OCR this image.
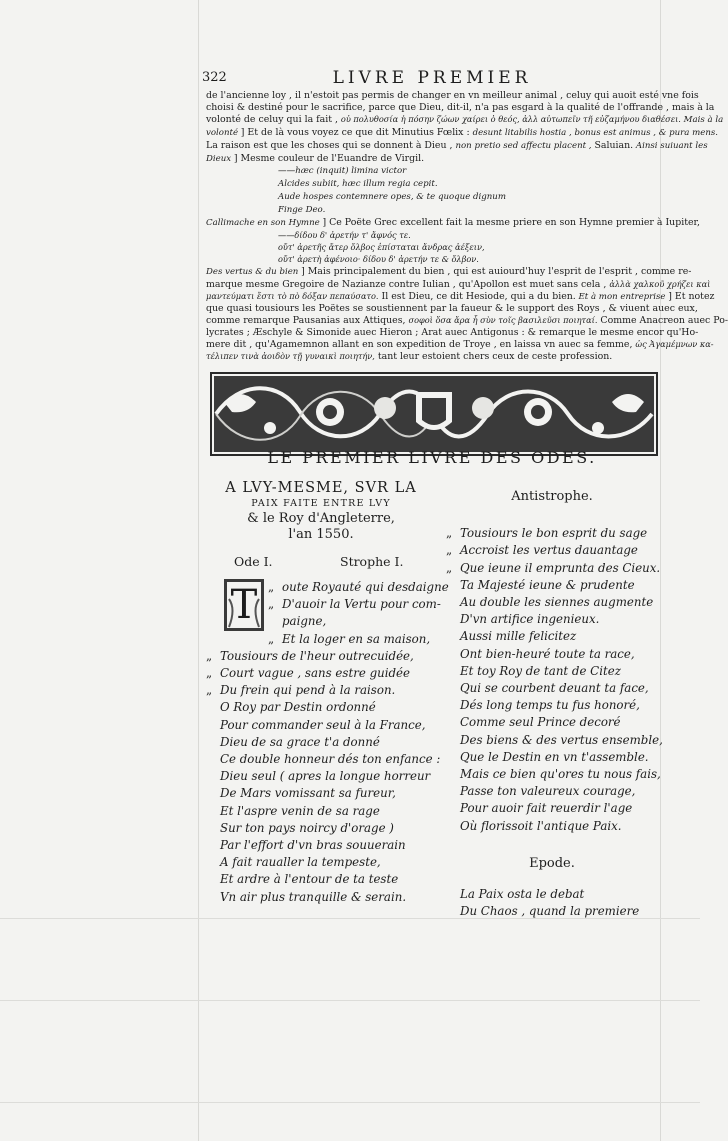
322	LIVRE PREMIER

de l'ancienne loy , il n'estoit pas permis de changer en vn meilleur animal , celuy qui auoit esté vne fois

choisi & destiné pour le sacrifice, parce que Dieu, dit-il, n'a pas esgard à la qualité de l'offrande , mais à la

volonté de celuy qui la fait , οὐ πολυθοσία ἡ πόσην ζώων χαίρει ὁ θεός, ἀλλ αὐτωπεῖν τῆ εὐζαμήνου διαθέσει. Mais à la

volonté ] Et de là vous voyez ce que dit Minutius Fœlix : desunt litabilis hostia , bonus est animus , & pura mens.

La raison est que les choses qui se donnent à Dieu , non pretio sed affectu placent , Saluian. Ainsi suiuant les

Dieux ] Mesme couleur de l'Euandre de Virgil.

——hæc (inquit) limina victor

Alcides subiit, hæc illum regia cepit.

Aude hospes contemnere opes, & te quoque dignum

Finge Deo.

Callimache en son Hymne ] Ce Poëte Grec excellent fait la mesme priere en son Hymne premier à Iupiter,

——δίδου δ' ἀρετήν τ' ἄφνός τε.

οὔτ' ἀρετῆς ἄτερ ὄλβος ἐπίσταται ἄνδρας ἀέξειν,

οὔτ' ἀρετὴ ἀφένοιο· δίδου δ' ἀρετήν τε & ὄλβον.

Des vertus & du bien ] Mais principalement du bien , qui est auiourd'huy l'esprit de l'esprit , comme re-

marque mesme Gregoire de Nazianze contre Iulian , qu'Apollon est muet sans cela , ἀλλὰ χαλκοῦ χρήζει καὶ

μαντεύματι ἔστι τὸ πὸ δόξαν πεπαύσατο. Il est Dieu, ce dit Hesiode, qui a du bien. Et à mon entreprise ] Et notez

que quasi tousiours les Poëtes se soustiennent par la faueur & le support des Roys , & viuent auec eux,

comme remarque Pausanias aux Attiques, σοφοὶ ὅσα ἄρα ἦ σὺν τοῖς βασιλεῦσι ποιηταί. Comme Anacreon auec Po-

lycrates ; Æschyle & Simonide auec Hieron ; Arat auec Antigonus : & remarque le mesme encor qu'Ho-

mere dit , qu'Agamemnon allant en son expedition de Troye , en laissa vn auec sa femme, ὡς Ἀγαμέμνων κα-

τέλιπεν τινὰ ἀοιδὸν τῇ γυναικὶ ποιητήν, tant leur estoient chers ceux de ceste profession.

LE PREMIER LIVRE DES ODES.
A LVY-MESME, SVR LA
PAIX FAITE ENTRE LVY
& le Roy d'Angleterre,
l'an 1550.
Ode I.	Strophe I.
T „ oute Royauté qui desdaigne
„ D'auoir la Vertu pour com-
paigne,
„ Et la loger en sa maison,
„ Tousiours de l'heur outrecuidée,
„ Court vague , sans estre guidée
„ Du frein qui pend à la raison.
O Roy par Destin ordonné
Pour commander seul à la France,
Dieu de sa grace t'a donné
Ce double honneur dés ton enfance :
Dieu seul ( apres la longue horreur
De Mars vomissant sa fureur,
Et l'aspre venin de sa rage
Sur ton pays noircy d'orage )
Par l'effort d'vn bras souuerain
A fait raualler la tempeste,
Et ardre à l'entour de ta teste
Vn air plus tranquille & serain.
Antistrophe.
„ Tousiours le bon esprit du sage
„ Accroist les vertus dauantage
„ Que ieune il emprunta des Cieux.
Ta Majesté ieune & prudente
Au double les siennes augmente
D'vn artifice ingenieux.
Aussi mille felicitez
Ont bien-heuré toute ta race,
Et toy Roy de tant de Citez
Qui se courbent deuant ta face,
Dés long temps tu fus honoré,
Comme seul Prince decoré
Des biens & des vertus ensemble,
Que le Destin en vn t'assemble.
Mais ce bien qu'ores tu nous fais,
Passe ton valeureux courage,
Pour auoir fait reuerdir l'age
Où florissoit l'antique Paix.
Epode.
La Paix osta le debat
Du Chaos , quand la premiere
